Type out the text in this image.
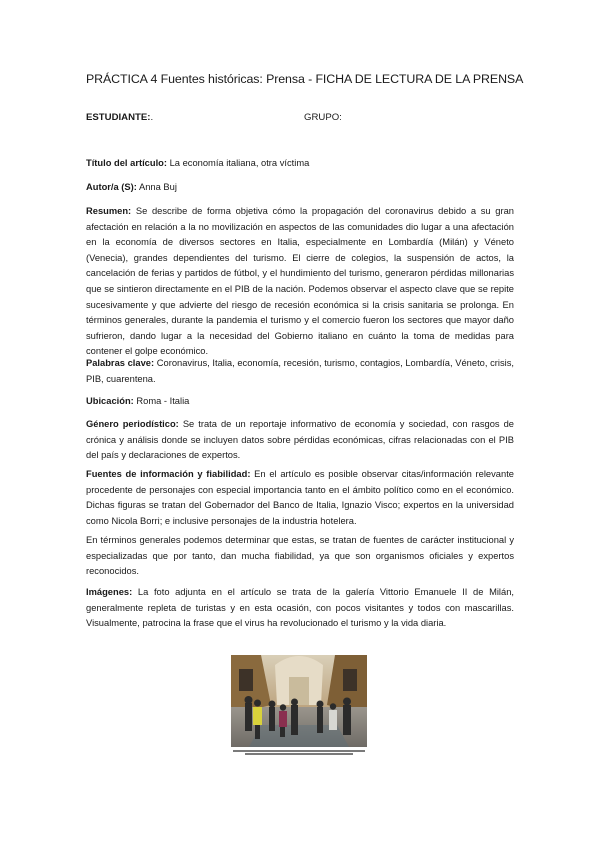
PRÁCTICA 4 Fuentes históricas: Prensa - FICHA DE LECTURA DE LA PRENSA
ESTUDIANTE:.	GRUPO:
Título del artículo: La economía italiana, otra víctima
Autor/a (S): Anna Buj
Resumen: Se describe de forma objetiva cómo la propagación del coronavirus debido a su gran afectación en relación a la no movilización en aspectos de las comunidades dio lugar a una afectación en la economía de diversos sectores en Italia, especialmente en Lombardía (Milán) y Véneto (Venecia), grandes dependientes del turismo. El cierre de colegios, la suspensión de actos, la cancelación de ferias y partidos de fútbol, y el hundimiento del turismo, generaron pérdidas millonarias que se sintieron directamente en el PIB de la nación. Podemos observar el aspecto clave que se repite sucesivamente y que advierte del riesgo de recesión económica si la crisis sanitaria se prolonga. En términos generales, durante la pandemia el turismo y el comercio fueron los sectores que mayor daño sufrieron, dando lugar a la necesidad del Gobierno italiano en cuánto la toma de medidas para contener el golpe económico.
Palabras clave: Coronavirus, Italia, economía, recesión, turismo, contagios, Lombardía, Véneto, crisis, PIB, cuarentena.
Ubicación: Roma - Italia
Género periodístico: Se trata de un reportaje informativo de economía y sociedad, con rasgos de crónica y análisis donde se incluyen datos sobre pérdidas económicas, cifras relacionadas con el PIB del país y declaraciones de expertos.
Fuentes de información y fiabilidad: En el artículo es posible observar citas/información relevante procedente de personajes con especial importancia tanto en el ámbito político como en el económico. Dichas figuras se tratan del Gobernador del Banco de Italia, Ignazio Visco; expertos en la universidad como Nicola Borri; e inclusive personajes de la industria hotelera.
En términos generales podemos determinar que estas, se tratan de fuentes de carácter institucional y especializadas que por tanto, dan mucha fiabilidad, ya que son organismos oficiales y expertos reconocidos.
Imágenes: La foto adjunta en el artículo se trata de la galería Vittorio Emanuele II de Milán, generalmente repleta de turistas y en esta ocasión, con pocos visitantes y todos con mascarillas. Visualmente, patrocina la frase que el virus ha revolucionado el turismo y la vida diaria.
